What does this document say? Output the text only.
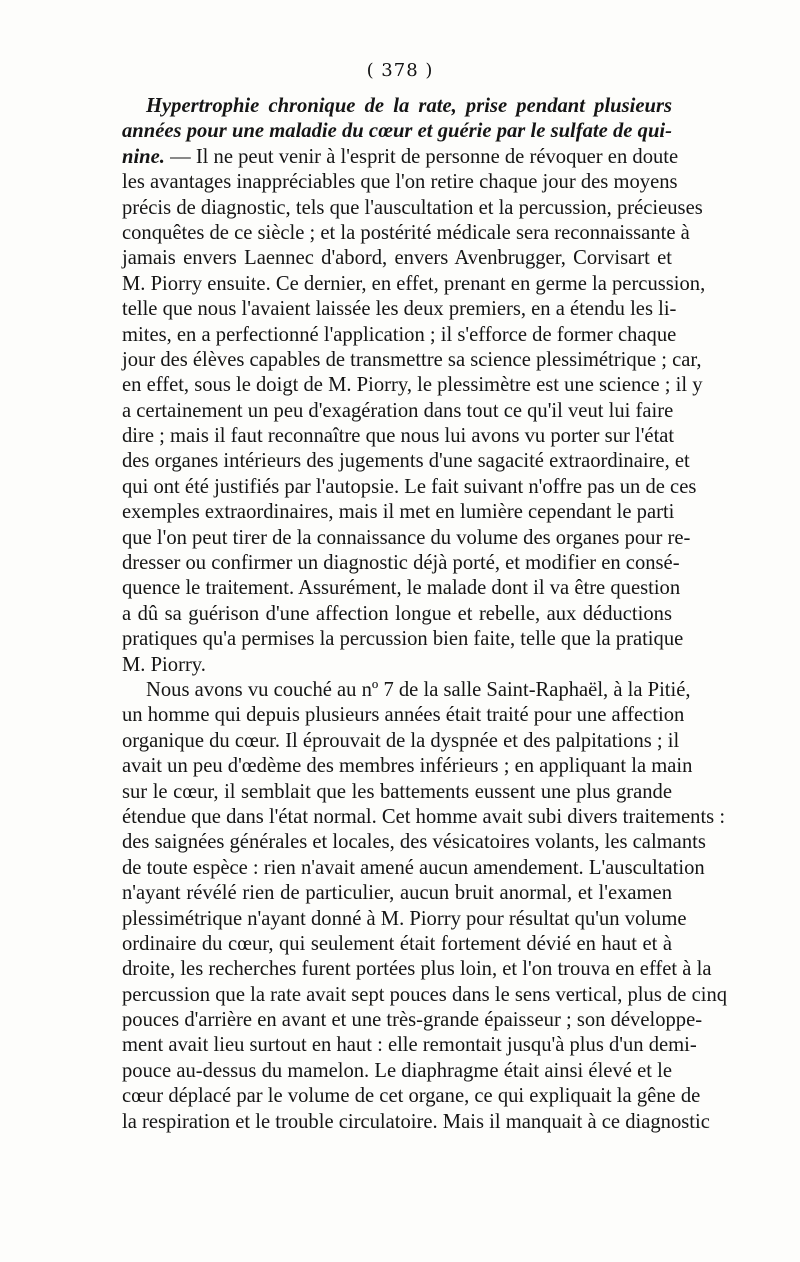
( 378 )
Hypertrophie chronique de la rate, prise pendant plusieurs
années pour une maladie du cœur et guérie par le sulfate de qui-
nine. — Il ne peut venir à l'esprit de personne de révoquer en doute
les avantages inappréciables que l'on retire chaque jour des moyens
précis de diagnostic, tels que l'auscultation et la percussion, précieuses
conquêtes de ce siècle ; et la postérité médicale sera reconnaissante à
jamais envers Laennec d'abord, envers Avenbrugger, Corvisart et
M. Piorry ensuite. Ce dernier, en effet, prenant en germe la percussion,
telle que nous l'avaient laissée les deux premiers, en a étendu les li-
mites, en a perfectionné l'application ; il s'efforce de former chaque
jour des élèves capables de transmettre sa science plessimétrique ; car,
en effet, sous le doigt de M. Piorry, le plessimètre est une science ; il y
a certainement un peu d'exagération dans tout ce qu'il veut lui faire
dire ; mais il faut reconnaître que nous lui avons vu porter sur l'état
des organes intérieurs des jugements d'une sagacité extraordinaire, et
qui ont été justifiés par l'autopsie. Le fait suivant n'offre pas un de ces
exemples extraordinaires, mais il met en lumière cependant le parti
que l'on peut tirer de la connaissance du volume des organes pour re-
dresser ou confirmer un diagnostic déjà porté, et modifier en consé-
quence le traitement. Assurément, le malade dont il va être question
a dû sa guérison d'une affection longue et rebelle, aux déductions
pratiques qu'a permises la percussion bien faite, telle que la pratique
M. Piorry.
Nous avons vu couché au nº 7 de la salle Saint-Raphaël, à la Pitié,
un homme qui depuis plusieurs années était traité pour une affection
organique du cœur. Il éprouvait de la dyspnée et des palpitations ; il
avait un peu d'œdème des membres inférieurs ; en appliquant la main
sur le cœur, il semblait que les battements eussent une plus grande
étendue que dans l'état normal. Cet homme avait subi divers traitements :
des saignées générales et locales, des vésicatoires volants, les calmants
de toute espèce : rien n'avait amené aucun amendement. L'auscultation
n'ayant révélé rien de particulier, aucun bruit anormal, et l'examen
plessimétrique n'ayant donné à M. Piorry pour résultat qu'un volume
ordinaire du cœur, qui seulement était fortement dévié en haut et à
droite, les recherches furent portées plus loin, et l'on trouva en effet à la
percussion que la rate avait sept pouces dans le sens vertical, plus de cinq
pouces d'arrière en avant et une très-grande épaisseur ; son développe-
ment avait lieu surtout en haut : elle remontait jusqu'à plus d'un demi-
pouce au-dessus du mamelon. Le diaphragme était ainsi élevé et le
cœur déplacé par le volume de cet organe, ce qui expliquait la gêne de
la respiration et le trouble circulatoire. Mais il manquait à ce diagnostic
